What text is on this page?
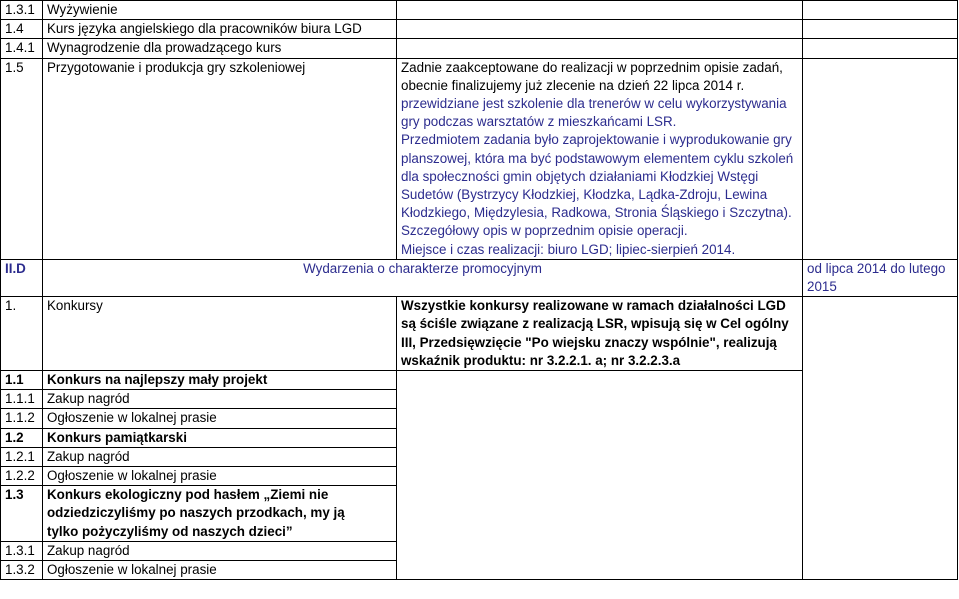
1.3.1	Wyżywienie		
1.4	Kurs języka angielskiego dla pracowników biura LGD		
1.4.1	Wynagrodzenie dla prowadzącego kurs		
1.5	Przygotowanie i produkcja gry szkoleniowej	Zadnie zaakceptowane do realizacji w poprzednim opisie zadań, obecnie finalizujemy już zlecenie na dzień 22 lipca 2014 r.
przewidziane jest szkolenie dla trenerów w celu wykorzystywania gry podczas warsztatów z mieszkańcami LSR.
Przedmiotem zadania było zaprojektowanie i wyprodukowanie gry planszowej, która ma być podstawowym elementem cyklu szkoleń dla społeczności gmin objętych działaniami Kłodzkiej Wstęgi Sudetów (Bystrzycy Kłodzkiej, Kłodzka, Lądka-Zdroju, Lewina Kłodzkiego, Międzylesia, Radkowa, Stronia Śląskiego i Szczytna). Szczegółowy opis w poprzednim opisie operacji.
Miejsce i czas realizacji: biuro LGD; lipiec-sierpień 2014.	

II.D	Wydarzenia o charakterze promocyjnym		od lipca 2014 do lutego 2015
1.	Konkursy	Wszystkie konkursy realizowane w ramach działalności LGD są ściśle związane z realizacją LSR, wpisują się w Cel ogólny III, Przedsięwzięcie "Po wiejsku znaczy wspólnie", realizują wskaźnik produktu: nr 3.2.2.1. a; nr 3.2.2.3.a	
1.1	Konkurs na najlepszy mały projekt		
1.1.1	Zakup nagród		
1.1.2	Ogłoszenie w lokalnej prasie		
1.2	Konkurs pamiątkarski		
1.2.1	Zakup nagród		
1.2.2	Ogłoszenie w lokalnej prasie		
1.3	Konkurs ekologiczny pod hasłem „Ziemi nie odziedziczyliśmy po naszych przodkach, my ją tylko pożyczyliśmy od naszych dzieci”		
1.3.1	Zakup nagród		
1.3.2	Ogłoszenie w lokalnej prasie		
